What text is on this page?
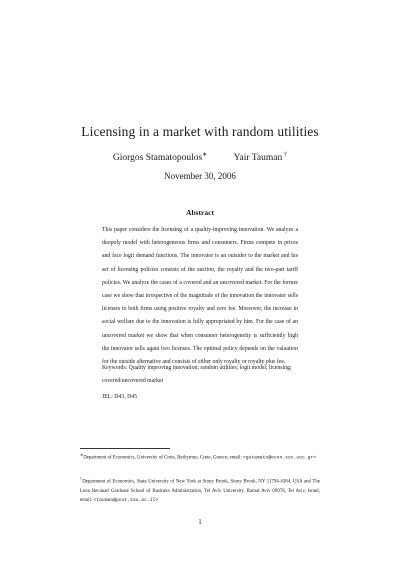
Licensing in a market with random utilities
Giorgos Stamatopoulos∗	Yair Tauman  †
November 30, 2006
Abstract
This paper considers the licensing of a quality-improving innovation. We analyze a duopoly model with heterogeneous firms and consumers. Firms compete in prices and face logit demand functions. The innovator is an outsider to the market and his set of licensing policies consists of the auction, the royalty and the two-part tariff policies. We analyze the cases of a covered and an uncovered market. For the former case we show that irrespective of the magnitude of the innovation the innovator sells licenses to both firms using positive royalty and zero fee. Moreover, the increase in social welfare due to the innovation is fully appropriated by him. For the case of an uncovered market we show that when consumer heterogeneity is sufficiently high the innovator sells again two licenses. The optimal policy depends on the valuation for the outside alternative and consists of either only royalty or royalty plus fee.
Keywords: Quality improving innovation; random utilities; logit model; licensing; covered/uncovered market
JEL: D43, D45
∗Department of Economics, University of Crete, Rethymno, Crete, Greece; email: <gstamato@econ.soc.uoc.gr>
†Department of Economics, State University of New York at Stony Brook, Stony Brook, NY 11794-4384, USA and The Leon Recanati Graduate School of Business Administration, Tel Aviv University, Ramat Aviv 69978, Tel Aviv, Israel; email: <tauman@post.tau.ac.il>
1
